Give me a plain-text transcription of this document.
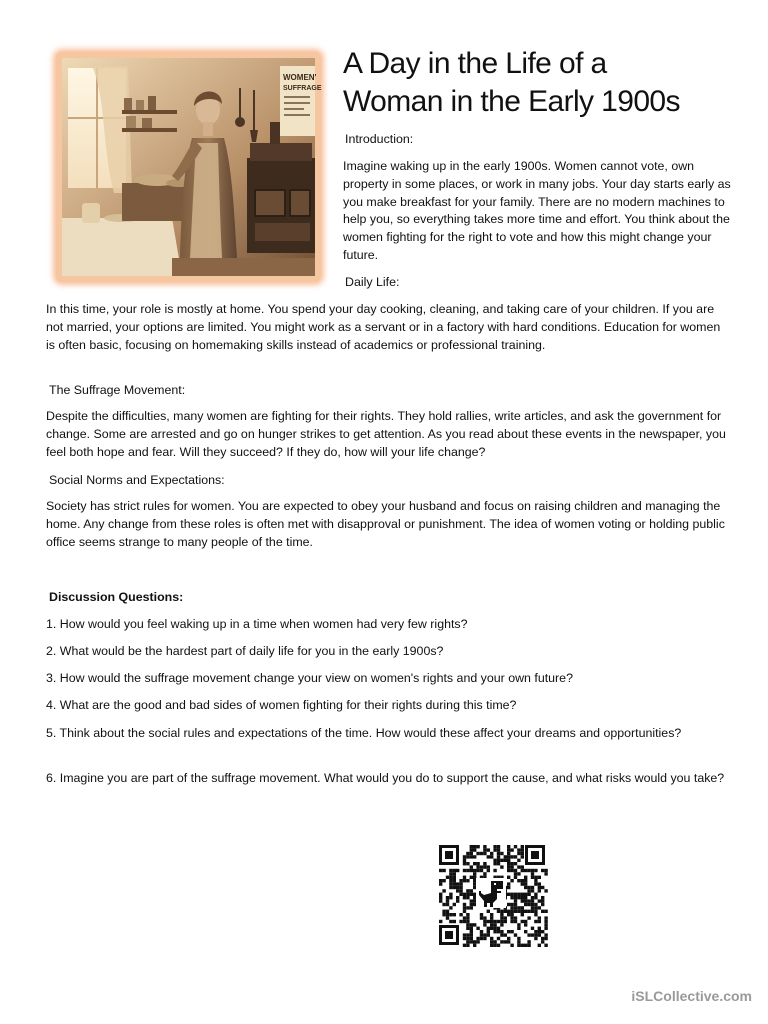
WOMEN'
SUFFRAGE
A Day in the Life of a
Woman in the Early 1900s

Introduction:

Imagine waking up in the early 1900s. Women cannot vote, own property in some places, or work in many jobs. Your day starts early as you make breakfast for your family. There are no modern machines to help you, so everything takes more time and effort. You think about the women fighting for the right to vote and how this might change your future.

Daily Life:

In this time, your role is mostly at home. You spend your day cooking, cleaning, and taking care of your children. If you are not married, your options are limited. You might work as a servant or in a factory with hard conditions. Education for women is often basic, focusing on homemaking skills instead of academics or professional training.

The Suffrage Movement:

Despite the difficulties, many women are fighting for their rights. They hold rallies, write articles, and ask the government for change. Some are arrested and go on hunger strikes to get attention. As you read about these events in the newspaper, you feel both hope and fear. Will they succeed? If they do, how will your life change?

Social Norms and Expectations:

Society has strict rules for women. You are expected to obey your husband and focus on raising children and managing the home. Any change from these roles is often met with disapproval or punishment. The idea of women voting or holding public office seems strange to many people of the time.

Discussion Questions:

1. How would you feel waking up in a time when women had very few rights?

2. What would be the hardest part of daily life for you in the early 1900s?

3. How would the suffrage movement change your view on women's rights and your own future?

4. What are the good and bad sides of women fighting for their rights during this time?

5. Think about the social rules and expectations of the time. How would these affect your dreams and opportunities?

6. Imagine you are part of the suffrage movement. What would you do to support the cause, and what risks would you take?

iSLCollective.com
